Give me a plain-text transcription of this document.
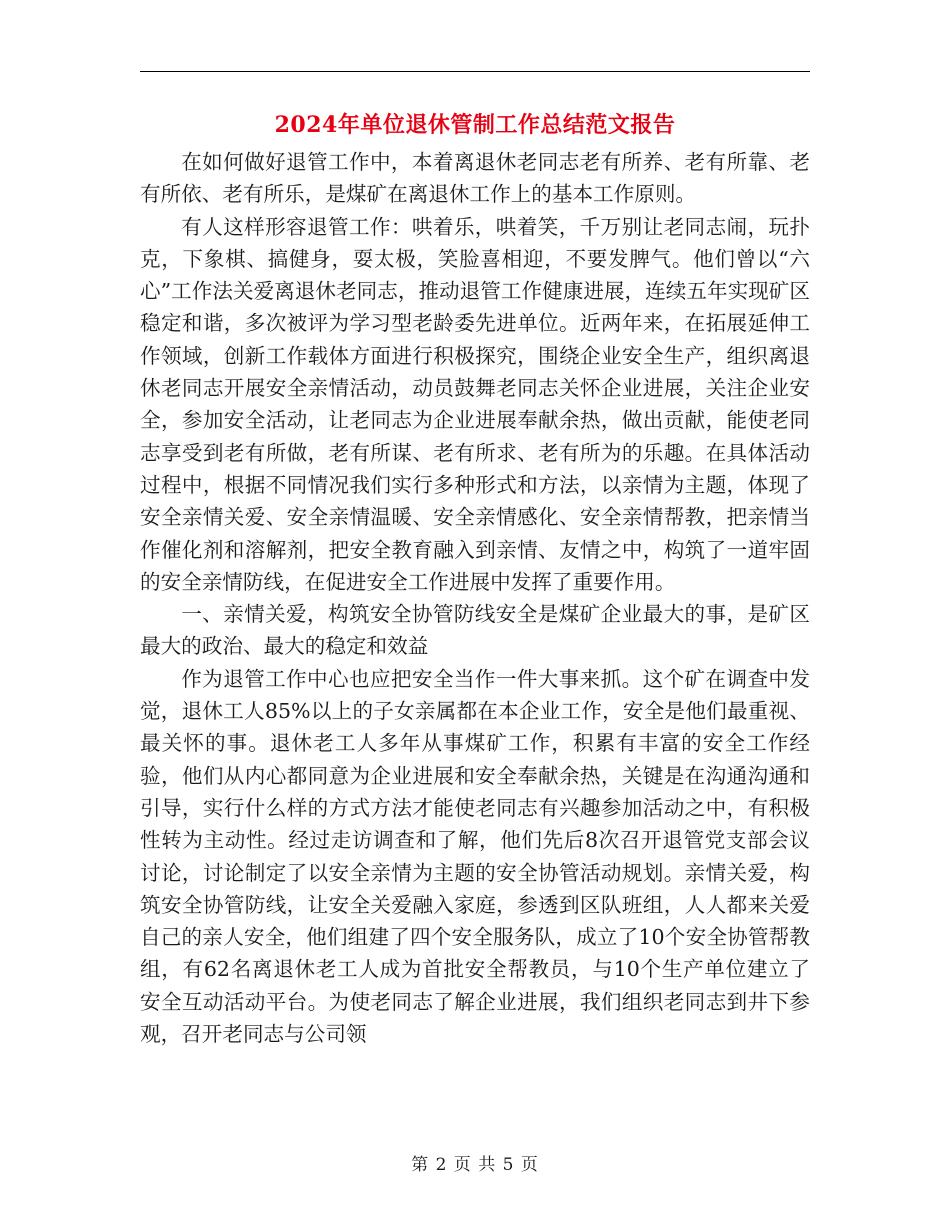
2024年单位退休管制工作总结范文报告

在如何做好退管工作中，本着离退休老同志老有所养、老有所靠、老有所依、老有所乐，是煤矿在离退休工作上的基本工作原则。

有人这样形容退管工作：哄着乐，哄着笑，千万别让老同志闹，玩扑克，下象棋、搞健身，耍太极，笑脸喜相迎，不要发脾气。他们曾以“六心”工作法关爱离退休老同志，推动退管工作健康进展，连续五年实现矿区稳定和谐，多次被评为学习型老龄委先进单位。近两年来，在拓展延伸工作领域，创新工作载体方面进行积极探究，围绕企业安全生产，组织离退休老同志开展安全亲情活动，动员鼓舞老同志关怀企业进展，关注企业安全，参加安全活动，让老同志为企业进展奉献余热，做出贡献，能使老同志享受到老有所做，老有所谋、老有所求、老有所为的乐趣。在具体活动过程中，根据不同情况我们实行多种形式和方法，以亲情为主题，体现了安全亲情关爱、安全亲情温暖、安全亲情感化、安全亲情帮教，把亲情当作催化剂和溶解剂，把安全教育融入到亲情、友情之中，构筑了一道牢固的安全亲情防线，在促进安全工作进展中发挥了重要作用。

一、亲情关爱，构筑安全协管防线安全是煤矿企业最大的事，是矿区最大的政治、最大的稳定和效益

作为退管工作中心也应把安全当作一件大事来抓。这个矿在调查中发觉，退休工人85%以上的子女亲属都在本企业工作，安全是他们最重视、最关怀的事。退休老工人多年从事煤矿工作，积累有丰富的安全工作经验，他们从内心都同意为企业进展和安全奉献余热，关键是在沟通沟通和引导，实行什么样的方式方法才能使老同志有兴趣参加活动之中，有积极性转为主动性。经过走访调查和了解，他们先后8次召开退管党支部会议讨论，讨论制定了以安全亲情为主题的安全协管活动规划。亲情关爱，构筑安全协管防线，让安全关爱融入家庭，参透到区队班组，人人都来关爱自己的亲人安全，他们组建了四个安全服务队，成立了10个安全协管帮教组，有62名离退休老工人成为首批安全帮教员，与10个生产单位建立了安全互动活动平台。为使老同志了解企业进展，我们组织老同志到井下参观，召开老同志与公司领

第 2 页 共 5 页
